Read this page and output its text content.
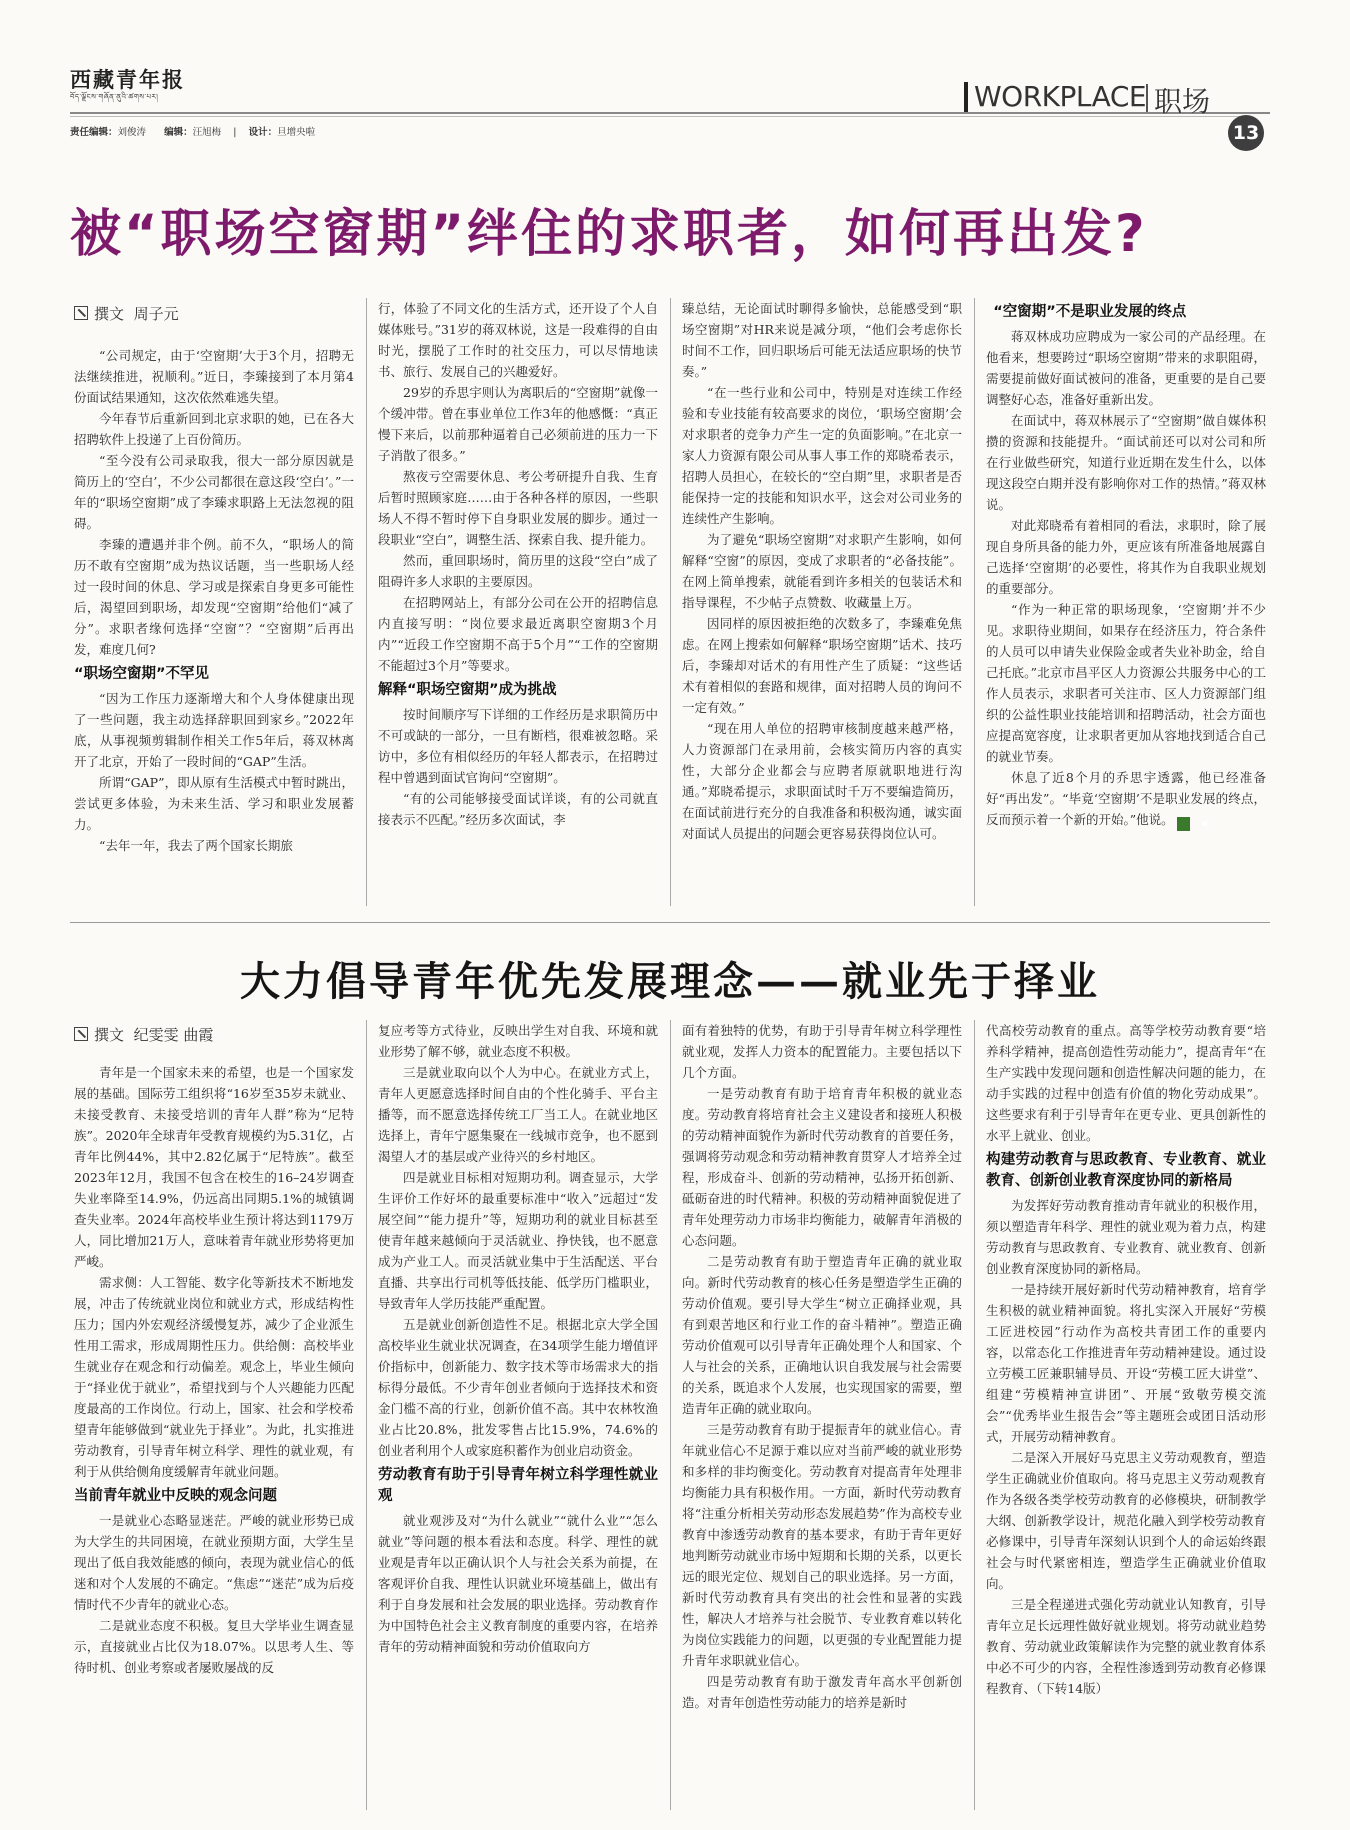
西藏青年报
བོད་ལྗོངས་གཞོན་ནུའི་ཚགས་པར།
责任编辑：刘俊涛 编辑：汪旭梅 | 设计：旦增央啦
WORKPLACE 职场
13
被“职场空窗期”绊住的求职者，如何再出发?
撰文 周子元

“公司规定，由于‘空窗期’大于3个月，招聘无法继续推进，祝顺利。”近日，李臻接到了本月第4份面试结果通知，这次依然难逃失望。

今年春节后重新回到北京求职的她，已在各大招聘软件上投递了上百份简历。

“至今没有公司录取我，很大一部分原因就是简历上的‘空白’，不少公司都很在意这段‘空白’。”一年的“职场空窗期”成了李臻求职路上无法忽视的阻碍。

李臻的遭遇并非个例。前不久，“职场人的简历不敢有空窗期”成为热议话题，当一些职场人经过一段时间的休息、学习或是探索自身更多可能性后，渴望回到职场，却发现“空窗期”给他们“减了分”。求职者缘何选择“空窗”？“空窗期”后再出发，难度几何?

“职场空窗期”不罕见

“因为工作压力逐渐增大和个人身体健康出现了一些问题，我主动选择辞职回到家乡。”2022年底，从事视频剪辑制作相关工作5年后，蒋双林离开了北京，开始了一段时间的“GAP”生活。

所谓“GAP”，即从原有生活模式中暂时跳出，尝试更多体验，为未来生活、学习和职业发展蓄力。

“去年一年，我去了两个国家长期旅

行，体验了不同文化的生活方式，还开设了个人自媒体账号。”31岁的蒋双林说，这是一段难得的自由时光，摆脱了工作时的社交压力，可以尽情地读书、旅行、发展自己的兴趣爱好。

29岁的乔思宇则认为离职后的“空窗期”就像一个缓冲带。曾在事业单位工作3年的他感慨：“真正慢下来后，以前那种逼着自己必须前进的压力一下子消散了很多。”

熬夜亏空需要休息、考公考研提升自我、生育后暂时照顾家庭……由于各种各样的原因，一些职场人不得不暂时停下自身职业发展的脚步。通过一段职业“空白”，调整生活、探索自我、提升能力。

然而，重回职场时，简历里的这段“空白”成了阻碍许多人求职的主要原因。

在招聘网站上，有部分公司在公开的招聘信息内直接写明：“岗位要求最近离职空窗期3个月内”“近段工作空窗期不高于5个月”“工作的空窗期不能超过3个月”等要求。

解释“职场空窗期”成为挑战

按时间顺序写下详细的工作经历是求职简历中不可或缺的一部分，一旦有断档，很难被忽略。采访中，多位有相似经历的年轻人都表示，在招聘过程中曾遇到面试官询问“空窗期”。

“有的公司能够接受面试详谈，有的公司就直接表示不匹配。”经历多次面试，李

臻总结，无论面试时聊得多愉快，总能感受到“职场空窗期”对HR来说是减分项，“他们会考虑你长时间不工作，回归职场后可能无法适应职场的快节奏。”

“在一些行业和公司中，特别是对连续工作经验和专业技能有较高要求的岗位，‘职场空窗期’会对求职者的竞争力产生一定的负面影响。”在北京一家人力资源有限公司从事人事工作的郑晓希表示，招聘人员担心，在较长的“空白期”里，求职者是否能保持一定的技能和知识水平，这会对公司业务的连续性产生影响。

为了避免“职场空窗期”对求职产生影响，如何解释“空窗”的原因，变成了求职者的“必备技能”。在网上简单搜索，就能看到许多相关的包装话术和指导课程，不少帖子点赞数、收藏量上万。

因同样的原因被拒绝的次数多了，李臻难免焦虑。在网上搜索如何解释“职场空窗期”话术、技巧后，李臻却对话术的有用性产生了质疑：“这些话术有着相似的套路和规律，面对招聘人员的询问不一定有效。”

“现在用人单位的招聘审核制度越来越严格，人力资源部门在录用前，会核实简历内容的真实性，大部分企业都会与应聘者原就职地进行沟通。”郑晓希提示，求职面试时千万不要编造简历，在面试前进行充分的自我准备和积极沟通，诚实面对面试人员提出的问题会更容易获得岗位认可。

“空窗期”不是职业发展的终点

蒋双林成功应聘成为一家公司的产品经理。在他看来，想要跨过“职场空窗期”带来的求职阻碍，需要提前做好面试被问的准备，更重要的是自己要调整好心态，准备好重新出发。

在面试中，蒋双林展示了“空窗期”做自媒体积攒的资源和技能提升。“面试前还可以对公司和所在行业做些研究，知道行业近期在发生什么，以体现这段空白期并没有影响你对工作的热情。”蒋双林说。

对此郑晓希有着相同的看法，求职时，除了展现自身所具备的能力外，更应该有所准备地展露自己选择‘空窗期’的必要性，将其作为自我职业规划的重要部分。

“作为一种正常的职场现象，‘空窗期’并不少见。求职待业期间，如果存在经济压力，符合条件的人员可以申请失业保险金或者失业补助金，给自己托底。”北京市昌平区人力资源公共服务中心的工作人员表示，求职者可关注市、区人力资源部门组织的公益性职业技能培训和招聘活动，社会方面也应提高宽容度，让求职者更加从容地找到适合自己的就业节奏。

休息了近8个月的乔思宇透露，他已经准备好“再出发”。“毕竟‘空窗期’不是职业发展的终点，反而预示着一个新的开始。”他说。	▪

大力倡导青年优先发展理念——就业先于择业
撰文 纪雯雯 曲霞

青年是一个国家未来的希望，也是一个国家发展的基础。国际劳工组织将“16岁至35岁未就业、未接受教育、未接受培训的青年人群”称为“尼特族”。2020年全球青年受教育规模约为5.31亿，占青年比例44%，其中2.82亿属于“尼特族”。截至2023年12月，我国不包含在校生的16–24岁调查失业率降至14.9%，仍远高出同期5.1%的城镇调查失业率。2024年高校毕业生预计将达到1179万人，同比增加21万人，意味着青年就业形势将更加严峻。

需求侧：人工智能、数字化等新技术不断地发展，冲击了传统就业岗位和就业方式，形成结构性压力；国内外宏观经济缓慢复苏，减少了企业派生性用工需求，形成周期性压力。供给侧：高校毕业生就业存在观念和行动偏差。观念上，毕业生倾向于“择业优于就业”，希望找到与个人兴趣能力匹配度最高的工作岗位。行动上，国家、社会和学校希望青年能够做到“就业先于择业”。为此，扎实推进劳动教育，引导青年树立科学、理性的就业观，有利于从供给侧角度缓解青年就业问题。

当前青年就业中反映的观念问题

一是就业心态略显迷茫。严峻的就业形势已成为大学生的共同困境，在就业预期方面，大学生呈现出了低自我效能感的倾向，表现为就业信心的低迷和对个人发展的不确定。“焦虑”“迷茫”成为后疫情时代不少青年的就业心态。

二是就业态度不积极。复旦大学毕业生调查显示，直接就业占比仅为18.07%。以思考人生、等待时机、创业考察或者屡败屡战的反

复应考等方式待业，反映出学生对自我、环境和就业形势了解不够，就业态度不积极。

三是就业取向以个人为中心。在就业方式上，青年人更愿意选择时间自由的个性化骑手、平台主播等，而不愿意选择传统工厂当工人。在就业地区选择上，青年宁愿集聚在一线城市竞争，也不愿到渴望人才的基层或产业待兴的乡村地区。

四是就业目标相对短期功利。调查显示，大学生评价工作好坏的最重要标准中“收入”远超过“发展空间”“能力提升”等，短期功利的就业目标甚至使青年越来越倾向于灵活就业、挣快钱，也不愿意成为产业工人。而灵活就业集中于生活配送、平台直播、共享出行司机等低技能、低学历门槛职业，导致青年人学历技能严重配置。

五是就业创新创造性不足。根据北京大学全国高校毕业生就业状况调查，在34项学生能力增值评价指标中，创新能力、数字技术等市场需求大的指标得分最低。不少青年创业者倾向于选择技术和资金门槛不高的行业，创新价值不高。其中农林牧渔业占比20.8%，批发零售占比15.9%，74.6%的创业者利用个人或家庭积蓄作为创业启动资金。

劳动教育有助于引导青年树立科学理性就业观

就业观涉及对“为什么就业”“就什么业”“怎么就业”等问题的根本看法和态度。科学、理性的就业观是青年以正确认识个人与社会关系为前提，在客观评价自我、理性认识就业环境基础上，做出有利于自身发展和社会发展的职业选择。劳动教育作为中国特色社会主义教育制度的重要内容，在培养青年的劳动精神面貌和劳动价值取向方

面有着独特的优势，有助于引导青年树立科学理性就业观，发挥人力资本的配置能力。主要包括以下几个方面。

一是劳动教育有助于培育青年积极的就业态度。劳动教育将培育社会主义建设者和接班人积极的劳动精神面貌作为新时代劳动教育的首要任务，强调将劳动观念和劳动精神教育贯穿人才培养全过程，形成奋斗、创新的劳动精神，弘扬开拓创新、砥砺奋进的时代精神。积极的劳动精神面貌促进了青年处理劳动力市场非均衡能力，破解青年消极的心态问题。

二是劳动教育有助于塑造青年正确的就业取向。新时代劳动教育的核心任务是塑造学生正确的劳动价值观。要引导大学生“树立正确择业观，具有到艰苦地区和行业工作的奋斗精神”。塑造正确劳动价值观可以引导青年正确处理个人和国家、个人与社会的关系，正确地认识自我发展与社会需要的关系，既追求个人发展，也实现国家的需要，塑造青年正确的就业取向。

三是劳动教育有助于提振青年的就业信心。青年就业信心不足源于难以应对当前严峻的就业形势和多样的非均衡变化。劳动教育对提高青年处理非均衡能力具有积极作用。一方面，新时代劳动教育将“注重分析相关劳动形态发展趋势”作为高校专业教育中渗透劳动教育的基本要求，有助于青年更好地判断劳动就业市场中短期和长期的关系，以更长远的眼光定位、规划自己的职业选择。另一方面，新时代劳动教育具有突出的社会性和显著的实践性，解决人才培养与社会脱节、专业教育难以转化为岗位实践能力的问题，以更强的专业配置能力提升青年求职就业信心。

四是劳动教育有助于激发青年高水平创新创造。对青年创造性劳动能力的培养是新时

代高校劳动教育的重点。高等学校劳动教育要“培养科学精神，提高创造性劳动能力”，提高青年“在生产实践中发现问题和创造性解决问题的能力，在动手实践的过程中创造有价值的物化劳动成果”。这些要求有利于引导青年在更专业、更具创新性的水平上就业、创业。

构建劳动教育与思政教育、专业教育、就业教育、创新创业教育深度协同的新格局

为发挥好劳动教育推动青年就业的积极作用，须以塑造青年科学、理性的就业观为着力点，构建劳动教育与思政教育、专业教育、就业教育、创新创业教育深度协同的新格局。

一是持续开展好新时代劳动精神教育，培育学生积极的就业精神面貌。将扎实深入开展好“劳模工匠进校园”行动作为高校共青团工作的重要内容，以常态化工作推进青年劳动精神建设。通过设立劳模工匠兼职辅导员、开设“劳模工匠大讲堂”、组建“劳模精神宣讲团”、开展“致敬劳模交流会”“优秀毕业生报告会”等主题班会或团日活动形式，开展劳动精神教育。

二是深入开展好马克思主义劳动观教育，塑造学生正确就业价值取向。将马克思主义劳动观教育作为各级各类学校劳动教育的必修模块，研制教学大纲、创新教学设计，规范化融入到学校劳动教育必修课中，引导青年深刻认识到个人的命运始终跟社会与时代紧密相连，塑造学生正确就业价值取向。

三是全程递进式强化劳动就业认知教育，引导青年立足长远理性做好就业规划。将劳动就业趋势教育、劳动就业政策解读作为完整的就业教育体系中必不可少的内容，全程性渗透到劳动教育必修课程教育、（下转14版）
